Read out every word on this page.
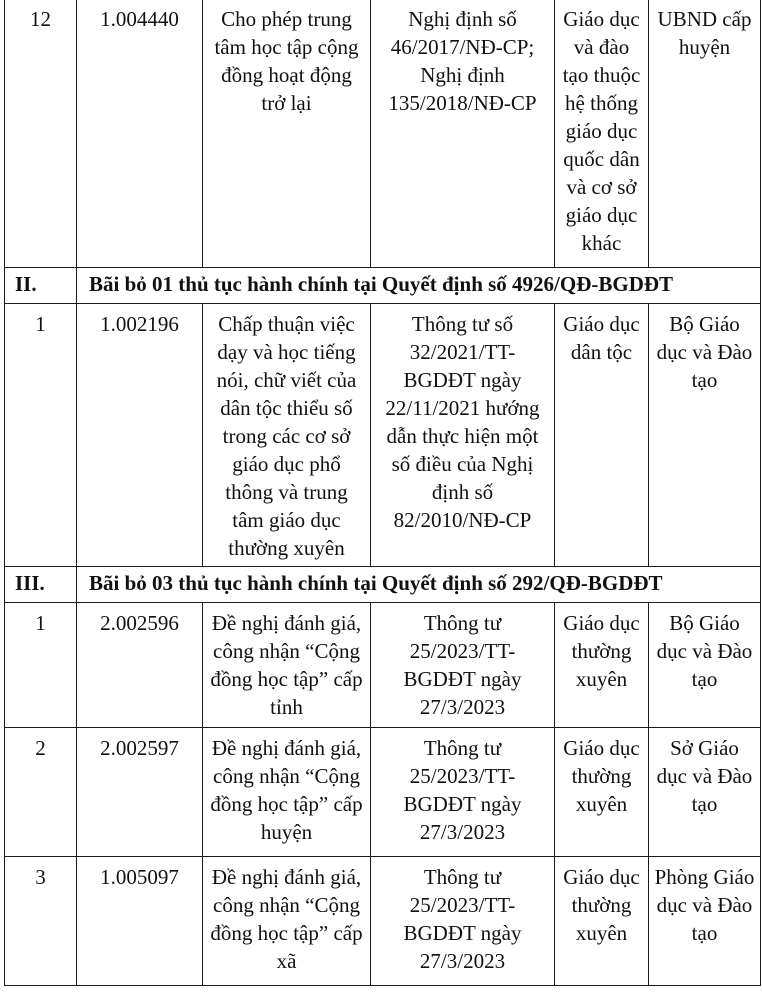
12	1.004440	Cho phép trung tâm học tập cộng đồng hoạt động trở lại	Nghị định số 46/2017/NĐ-CP; Nghị định 135/2018/NĐ-CP	Giáo dục và đào tạo thuộc hệ thống giáo dục quốc dân và cơ sở giáo dục khác	UBND cấp huyện
II.	Bãi bỏ 01 thủ tục hành chính tại Quyết định số 4926/QĐ-BGDĐT				
1	1.002196	Chấp thuận việc dạy và học tiếng nói, chữ viết của dân tộc thiểu số trong các cơ sở giáo dục phổ thông và trung tâm giáo dục thường xuyên	Thông tư số 32/2021/TT-BGDĐT ngày 22/11/2021 hướng dẫn thực hiện một số điều của Nghị định số 82/2010/NĐ-CP	Giáo dục dân tộc	Bộ Giáo dục và Đào tạo
III.	Bãi bỏ 03 thủ tục hành chính tại Quyết định số 292/QĐ-BGDĐT				
1	2.002596	Đề nghị đánh giá, công nhận “Cộng đồng học tập” cấp tỉnh	Thông tư 25/2023/TT-BGDĐT ngày 27/3/2023	Giáo dục thường xuyên	Bộ Giáo dục và Đào tạo
2	2.002597	Đề nghị đánh giá, công nhận “Cộng đồng học tập” cấp huyện	Thông tư 25/2023/TT-BGDĐT ngày 27/3/2023	Giáo dục thường xuyên	Sở Giáo dục và Đào tạo
3	1.005097	Đề nghị đánh giá, công nhận “Cộng đồng học tập” cấp xã	Thông tư 25/2023/TT-BGDĐT ngày 27/3/2023	Giáo dục thường xuyên	Phòng Giáo dục và Đào tạo
